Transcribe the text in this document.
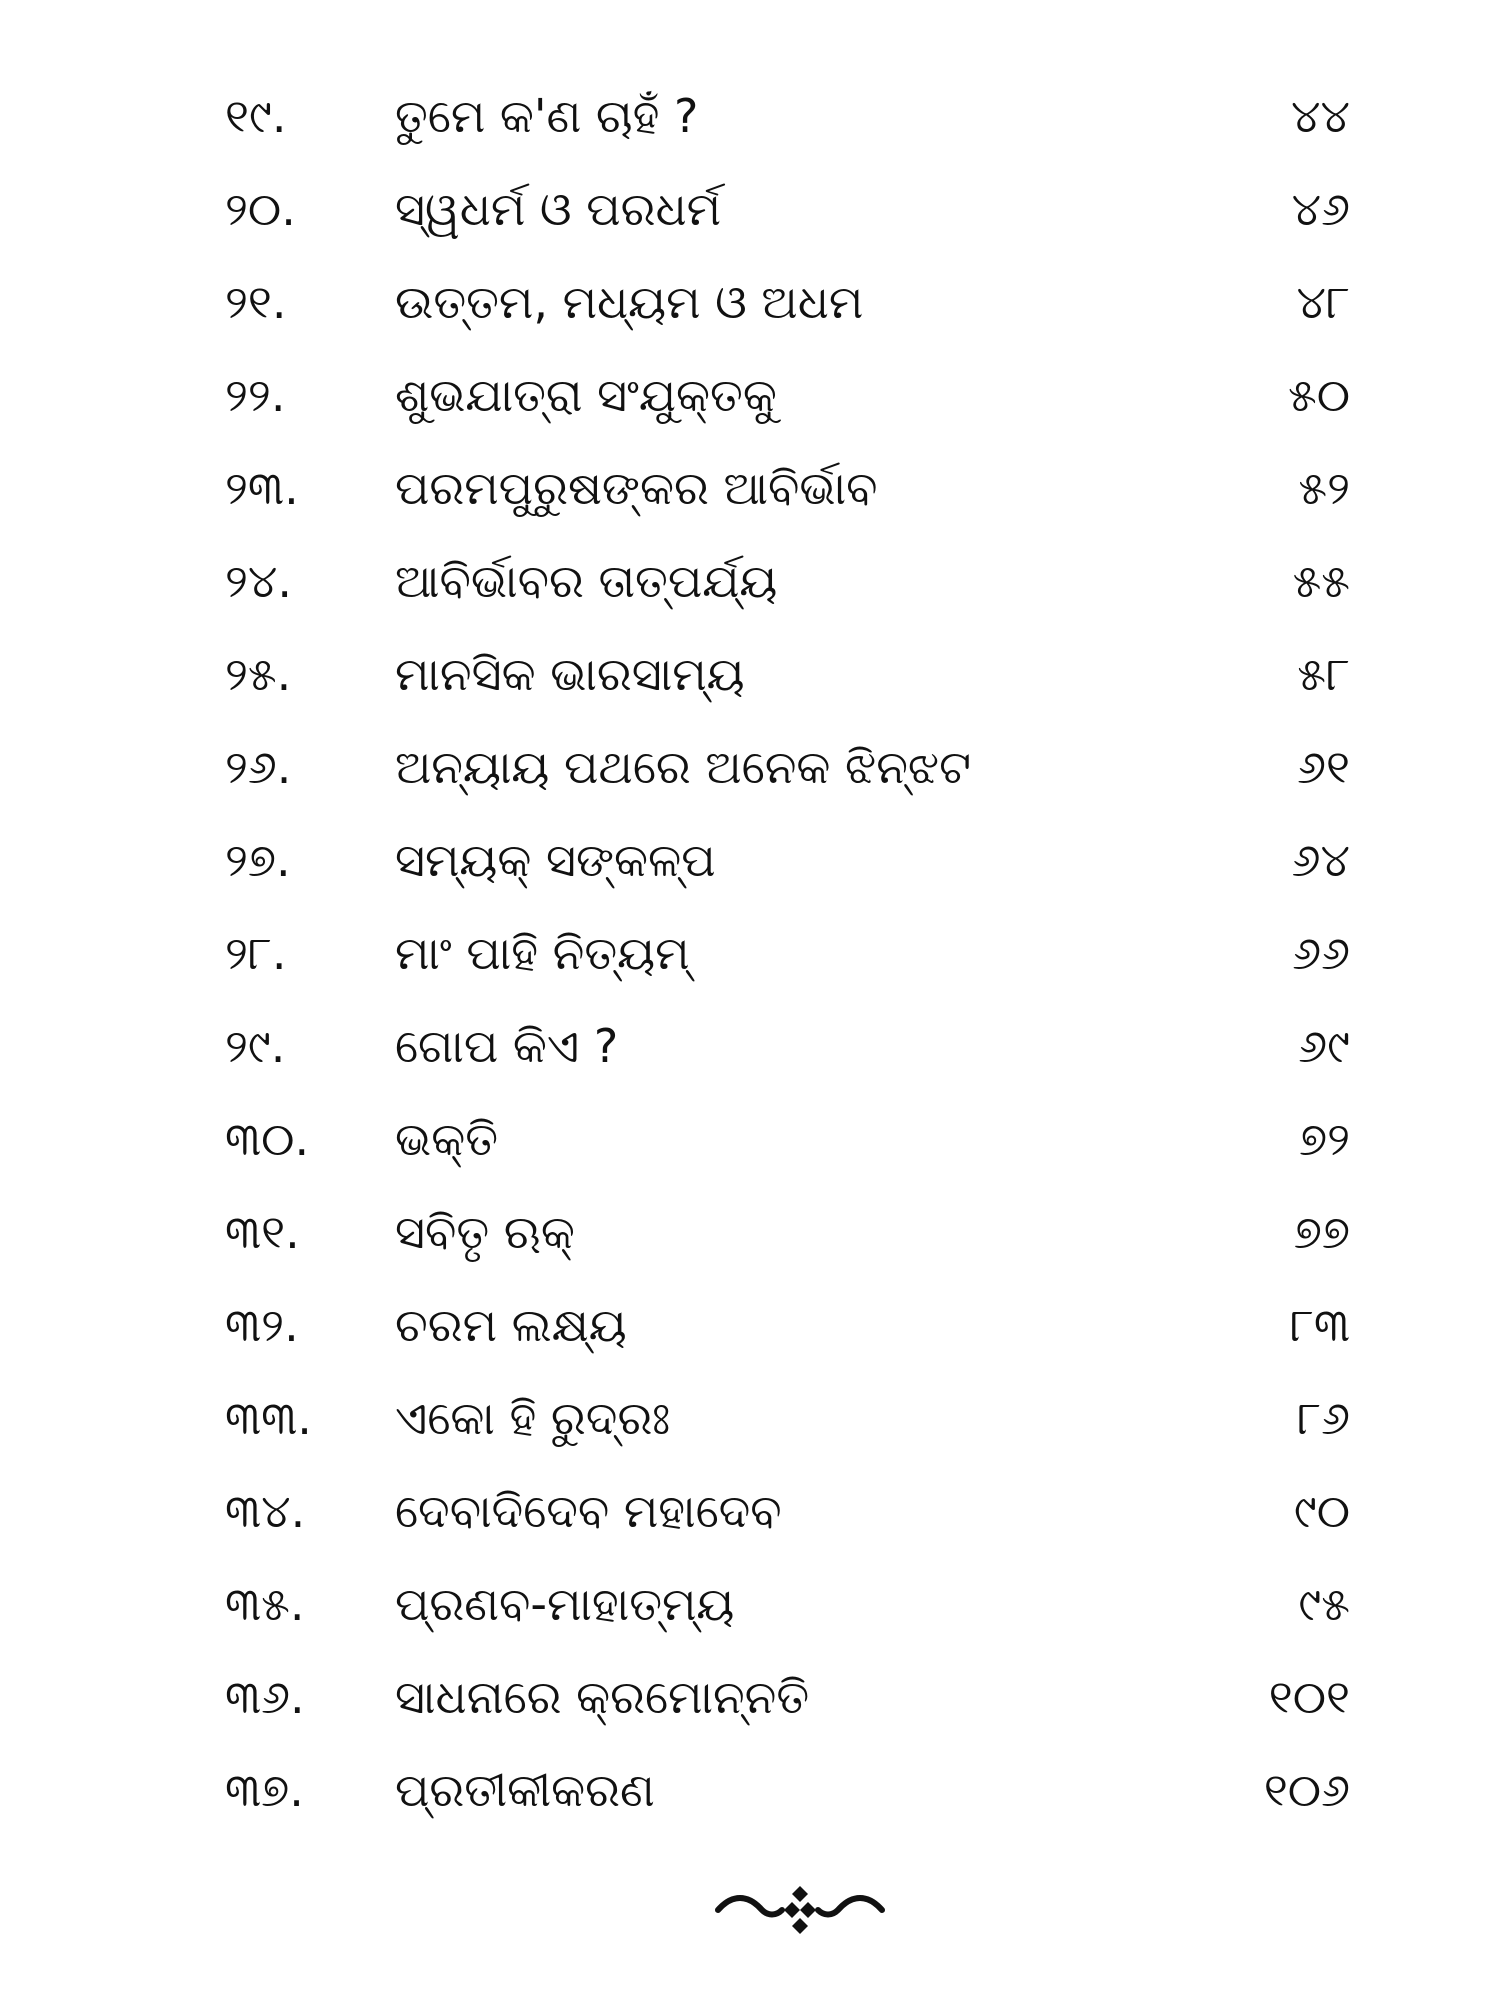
୧୯.	ତୁମେ କ'ଣ ଚାହଁ ?	୪୪
୨୦.	ସ୍ୱଧର୍ମ ଓ ପରଧର୍ମ	୪୬
୨୧.	ଉତ୍ତମ, ମଧ୍ୟମ ଓ ଅଧମ	୪୮
୨୨.	ଶୁଭଯାତ୍ରା ସଂଯୁକ୍ତକୁ	୫୦
୨୩.	ପରମପୁରୁଷଙ୍କର ଆବିର୍ଭାବ	୫୨
୨୪.	ଆବିର୍ଭାବର ତାତ୍ପର୍ଯ୍ୟ	୫୫
୨୫.	ମାନସିକ ଭାରସାମ୍ୟ	୫୮
୨୬.	ଅନ୍ୟାୟ ପଥରେ ଅନେକ ଝିନ୍ଝଟ	୬୧
୨୭.	ସମ୍ୟକ୍ ସଙ୍କଳ୍ପ	୬୪
୨୮.	ମାଂ ପାହି ନିତ୍ୟମ୍	୬୬
୨୯.	ଗୋପ କିଏ ?	୬୯
୩୦.	ଭକ୍ତି	୭୨
୩୧.	ସବିତୃ ଋକ୍	୭୭
୩୨.	ଚରମ ଲକ୍ଷ୍ୟ	୮୩
୩୩.	ଏକୋ ହି ରୁଦ୍ରଃ	୮୬
୩୪.	ଦେବାଦିଦେବ ମହାଦେବ	୯୦
୩୫.	ପ୍ରଣବ-ମାହାତ୍ମ୍ୟ	୯୫
୩୬.	ସାଧନାରେ କ୍ରମୋନ୍ନତି	୧୦୧
୩୭.	ପ୍ରତୀକୀକରଣ	୧୦୬
